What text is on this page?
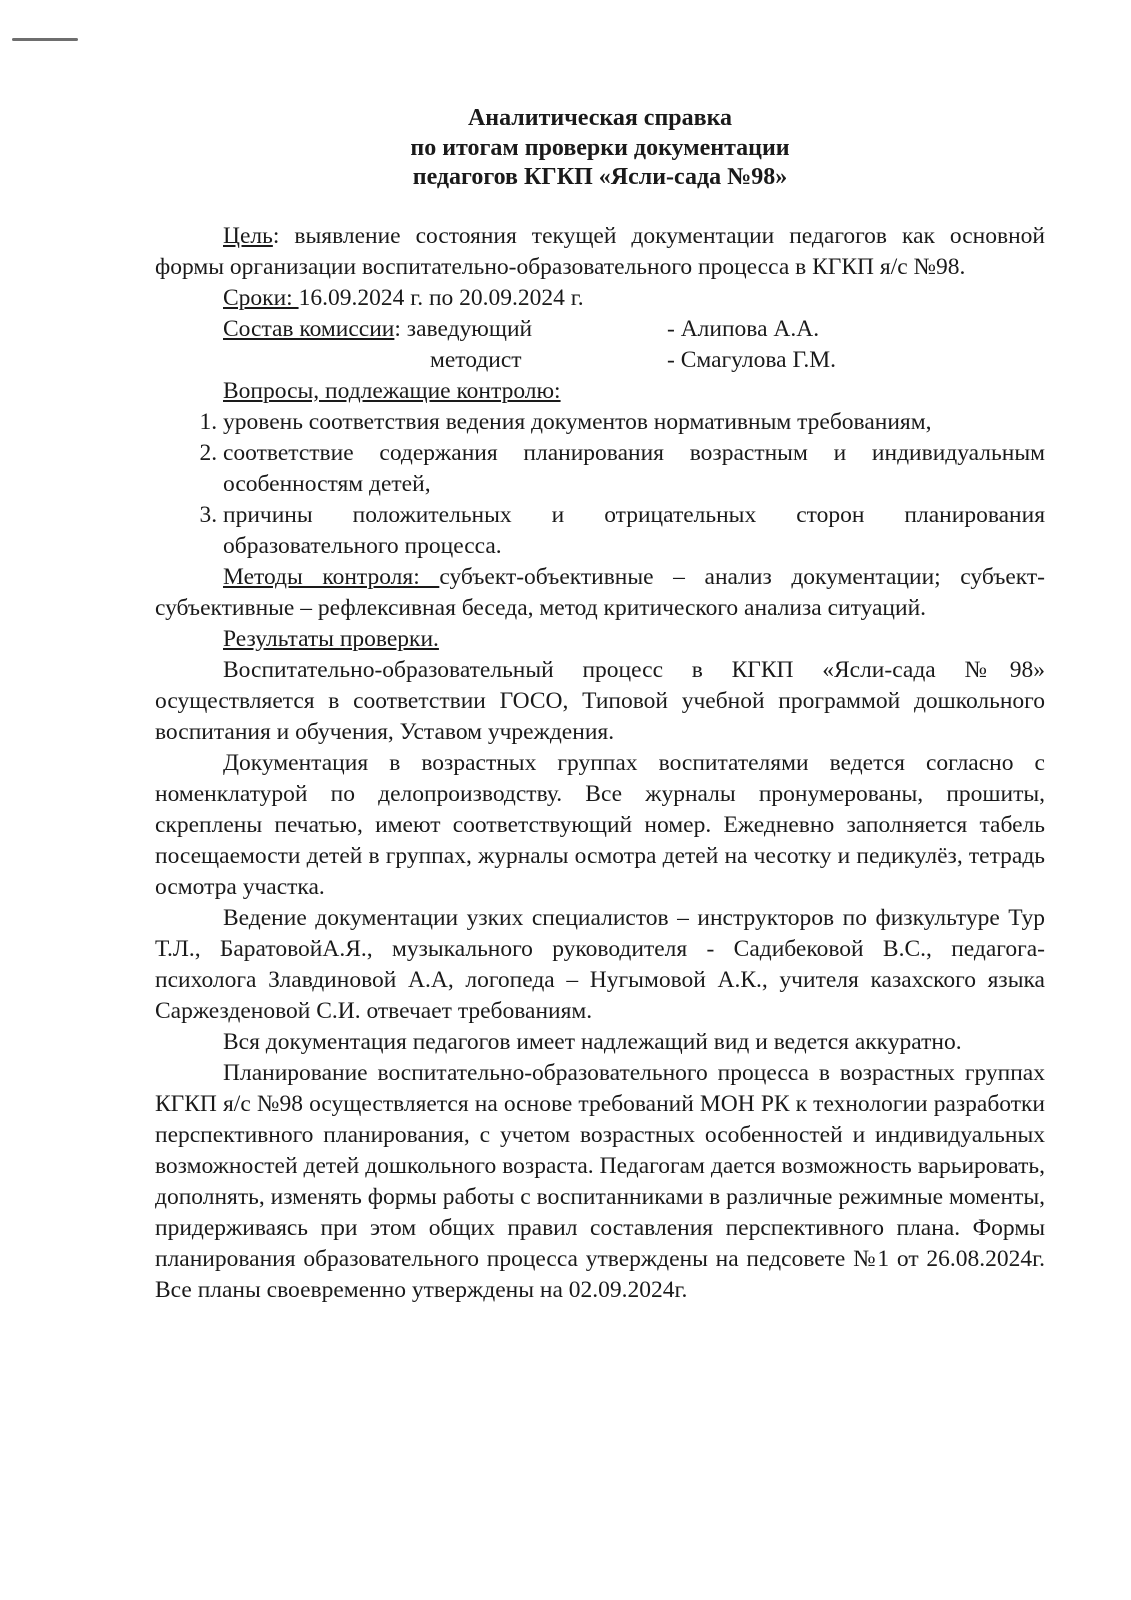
Аналитическая справка
по итогам проверки документации
педагогов КГКП «Ясли-сада №98»

Цель: выявление состояния текущей документации педагогов как основной формы организации воспитательно-образовательного процесса в КГКП я/с №98.

Сроки: 16.09.2024 г. по 20.09.2024 г.

Состав комиссии: заведующий	- Алипова А.А.
методист	- Смагулова Г.М.

Вопросы, подлежащие контролю:

1. уровень соответствия ведения документов нормативным требованиям,
2. соответствие содержания планирования возрастным и индивидуальным особенностям детей,
3. причины положительных и отрицательных сторон планирования образовательного процесса.

Методы контроля: субъект-объективные – анализ документации; субъект-субъективные – рефлексивная беседа, метод критического анализа ситуаций.

Результаты проверки.

Воспитательно-образовательный процесс в КГКП «Ясли-сада №98» осуществляется в соответствии ГОСО, Типовой учебной программой дошкольного воспитания и обучения, Уставом учреждения.

Документация в возрастных группах воспитателями ведется согласно с номенклатурой по делопроизводству. Все журналы пронумерованы, прошиты, скреплены печатью, имеют соответствующий номер. Ежедневно заполняется табель посещаемости детей в группах, журналы осмотра детей на чесотку и педикулёз, тетрадь осмотра участка.

Ведение документации узких специалистов – инструкторов по физкультуре Тур Т.Л., БаратовойА.Я., музыкального руководителя - Садибековой В.С., педагога-психолога Злавдиновой А.А, логопеда – Нугымовой А.К., учителя казахского языка Саржезденовой С.И. отвечает требованиям.

Вся документация педагогов имеет надлежащий вид и ведется аккуратно.

Планирование воспитательно-образовательного процесса в возрастных группах КГКП я/с №98 осуществляется на основе требований МОН РК к технологии разработки перспективного планирования, с учетом возрастных особенностей и индивидуальных возможностей детей дошкольного возраста. Педагогам дается возможность варьировать, дополнять, изменять формы работы с воспитанниками в различные режимные моменты, придерживаясь при этом общих правил составления перспективного плана. Формы планирования образовательного процесса утверждены на педсовете №1 от 26.08.2024г. Все планы своевременно утверждены на 02.09.2024г.
